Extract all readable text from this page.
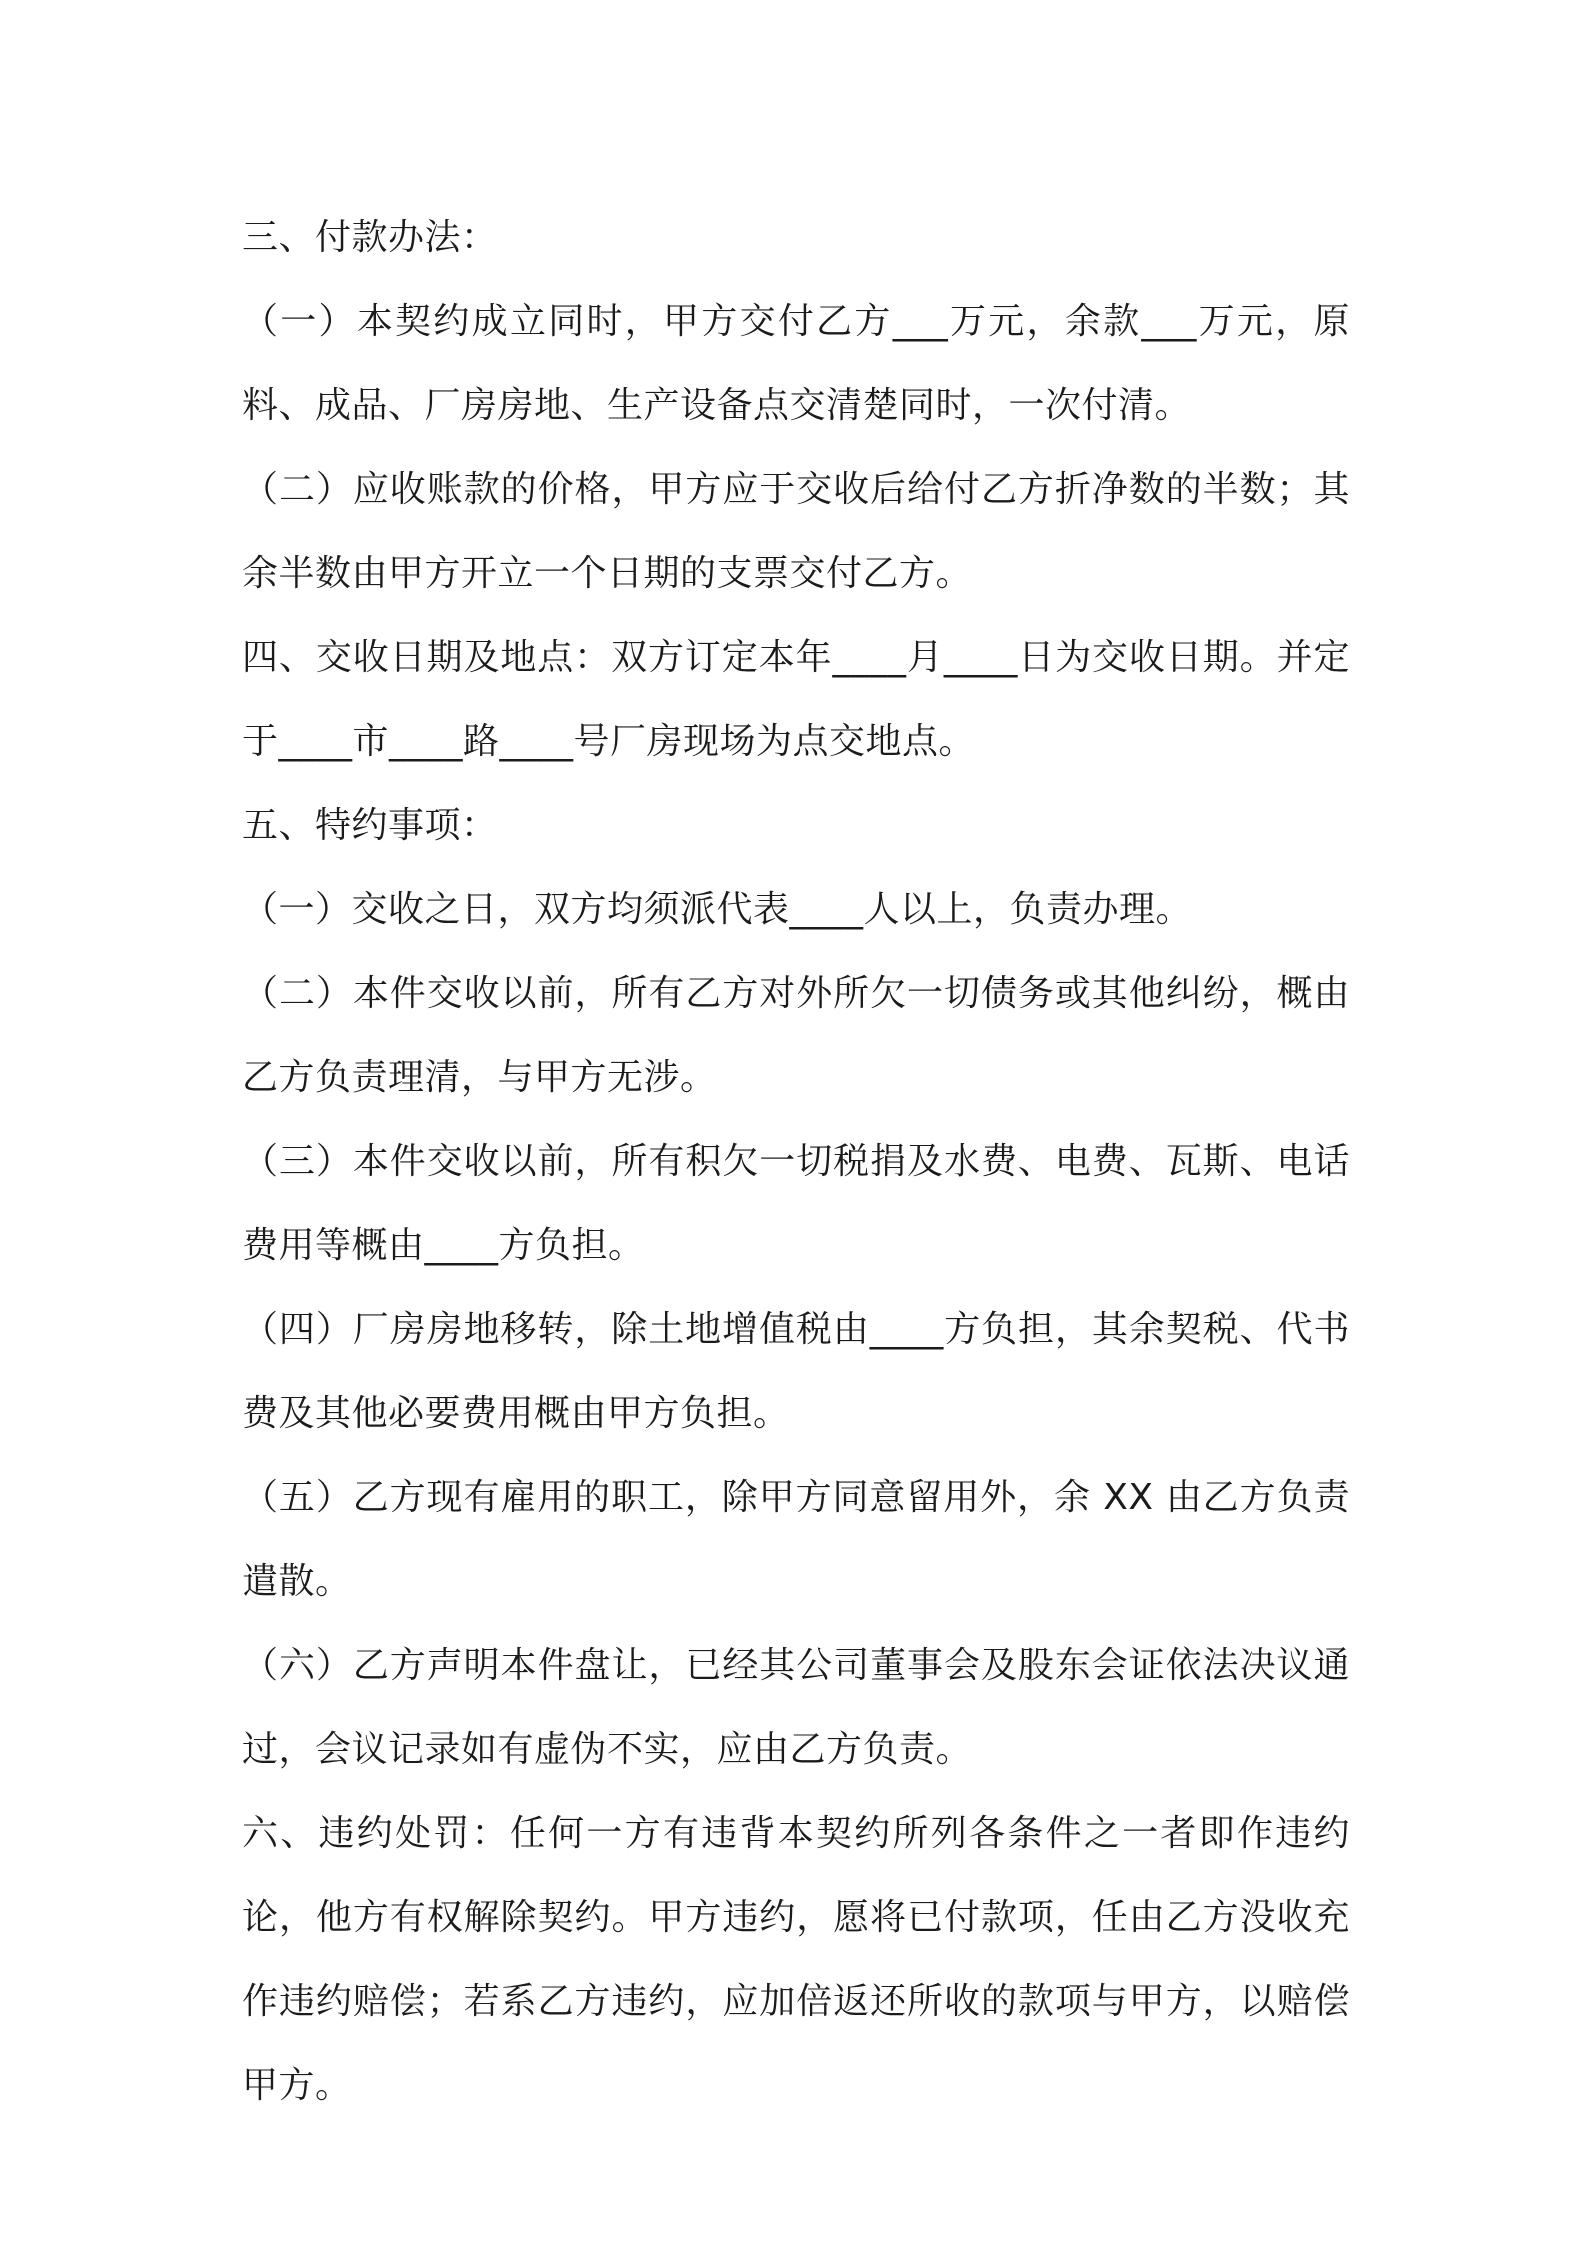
三、付款办法：

（一）本契约成立同时，甲方交付乙方___万元，余款___万元，原料、成品、厂房房地、生产设备点交清楚同时，一次付清。

（二）应收账款的价格，甲方应于交收后给付乙方折净数的半数；其余半数由甲方开立一个日期的支票交付乙方。

四、交收日期及地点：双方订定本年____月____日为交收日期。并定于____市____路____号厂房现场为点交地点。

五、特约事项：

（一）交收之日，双方均须派代表____人以上，负责办理。

（二）本件交收以前，所有乙方对外所欠一切债务或其他纠纷，概由乙方负责理清，与甲方无涉。

（三）本件交收以前，所有积欠一切税捐及水费、电费、瓦斯、电话费用等概由____方负担。

（四）厂房房地移转，除土地增值税由____方负担，其余契税、代书费及其他必要费用概由甲方负担。

（五）乙方现有雇用的职工，除甲方同意留用外，余 XX 由乙方负责遣散。

（六）乙方声明本件盘让，已经其公司董事会及股东会证依法决议通过，会议记录如有虚伪不实，应由乙方负责。

六、违约处罚：任何一方有违背本契约所列各条件之一者即作违约论，他方有权解除契约。甲方违约，愿将已付款项，任由乙方没收充作违约赔偿；若系乙方违约，应加倍返还所收的款项与甲方，以赔偿甲方。
